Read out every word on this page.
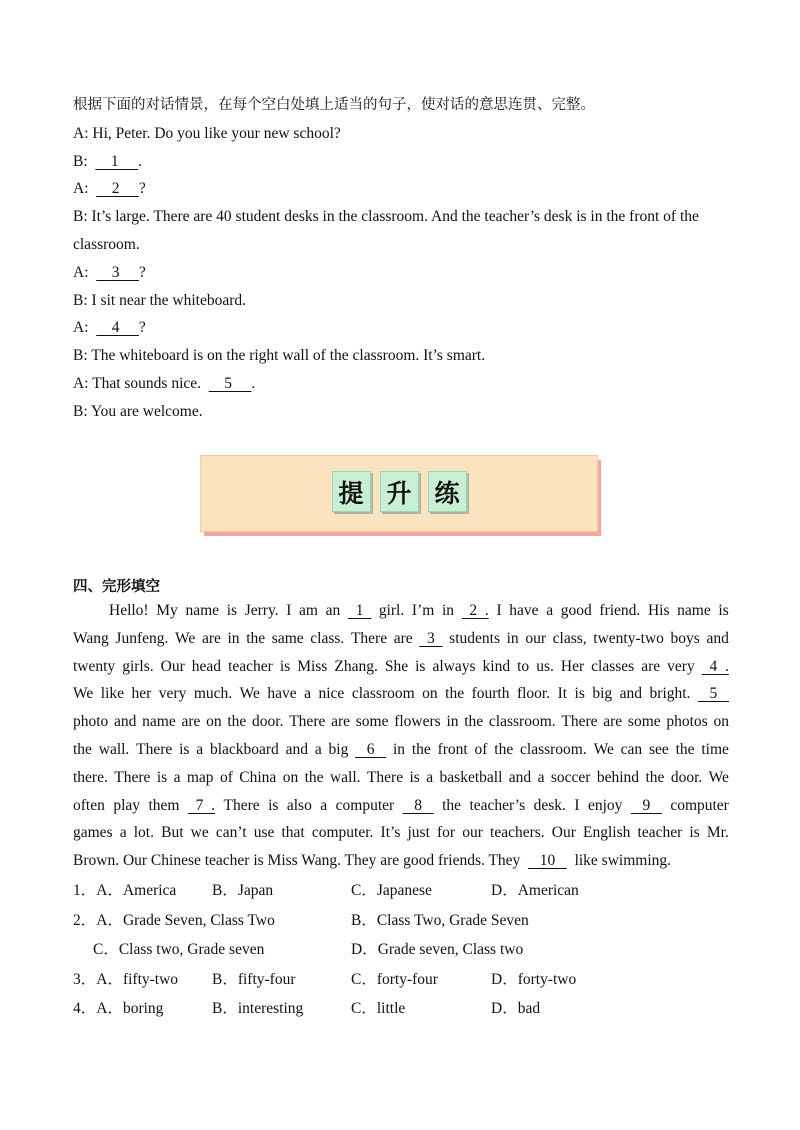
根据下面的对话情景，在每个空白处填上适当的句子，使对话的意思连贯、完整。
A: Hi, Peter. Do you like your new school?
B:      1     .
A:      2     ?
B: It’s large. There are 40 student desks in the classroom. And the teacher’s desk is in the front of the
classroom.
A:      3     ?
B: I sit near the whiteboard.
A:      4     ?
B: The whiteboard is on the right wall of the classroom. It’s smart.
A: That sounds nice.      5     .
B: You are welcome.
提 升 练
四、完形填空
Hello! My name is Jerry. I am an 1 girl. I’m in 2  . I have a good friend. His name is
Wang Junfeng. We are in the same class. There are 3 students in our class, twenty-two boys and
twenty girls. Our head teacher is Miss Zhang. She is always kind to us. Her classes are very 4  .
We like her very much. We have a nice classroom on the fourth floor. It is big and bright. 5
photo and name are on the door. There are some flowers in the classroom. There are some photos on
the wall. There is a blackboard and a big 6 in the front of the classroom. We can see the time
there. There is a map of China on the wall. There is a basketball and a soccer behind the door. We
often play them 7  . There is also a computer 8 the teacher’s desk. I enjoy 9 computer
games a lot. But we can’t use that computer. It’s just for our teachers. Our English teacher is Mr.
Brown. Our Chinese teacher is Miss Wang. They are good friends. They 10 like swimming.
1．A．America B．Japan	C．Japanese	D．American
2．A．Grade Seven, Class Two	B．Class Two, Grade Seven
C．Class two, Grade seven	D．Grade seven, Class two
3．A．fifty-two B．fifty-four	C．forty-four	D．forty-two
4．A．boring	B．interesting	C．little	D．bad
